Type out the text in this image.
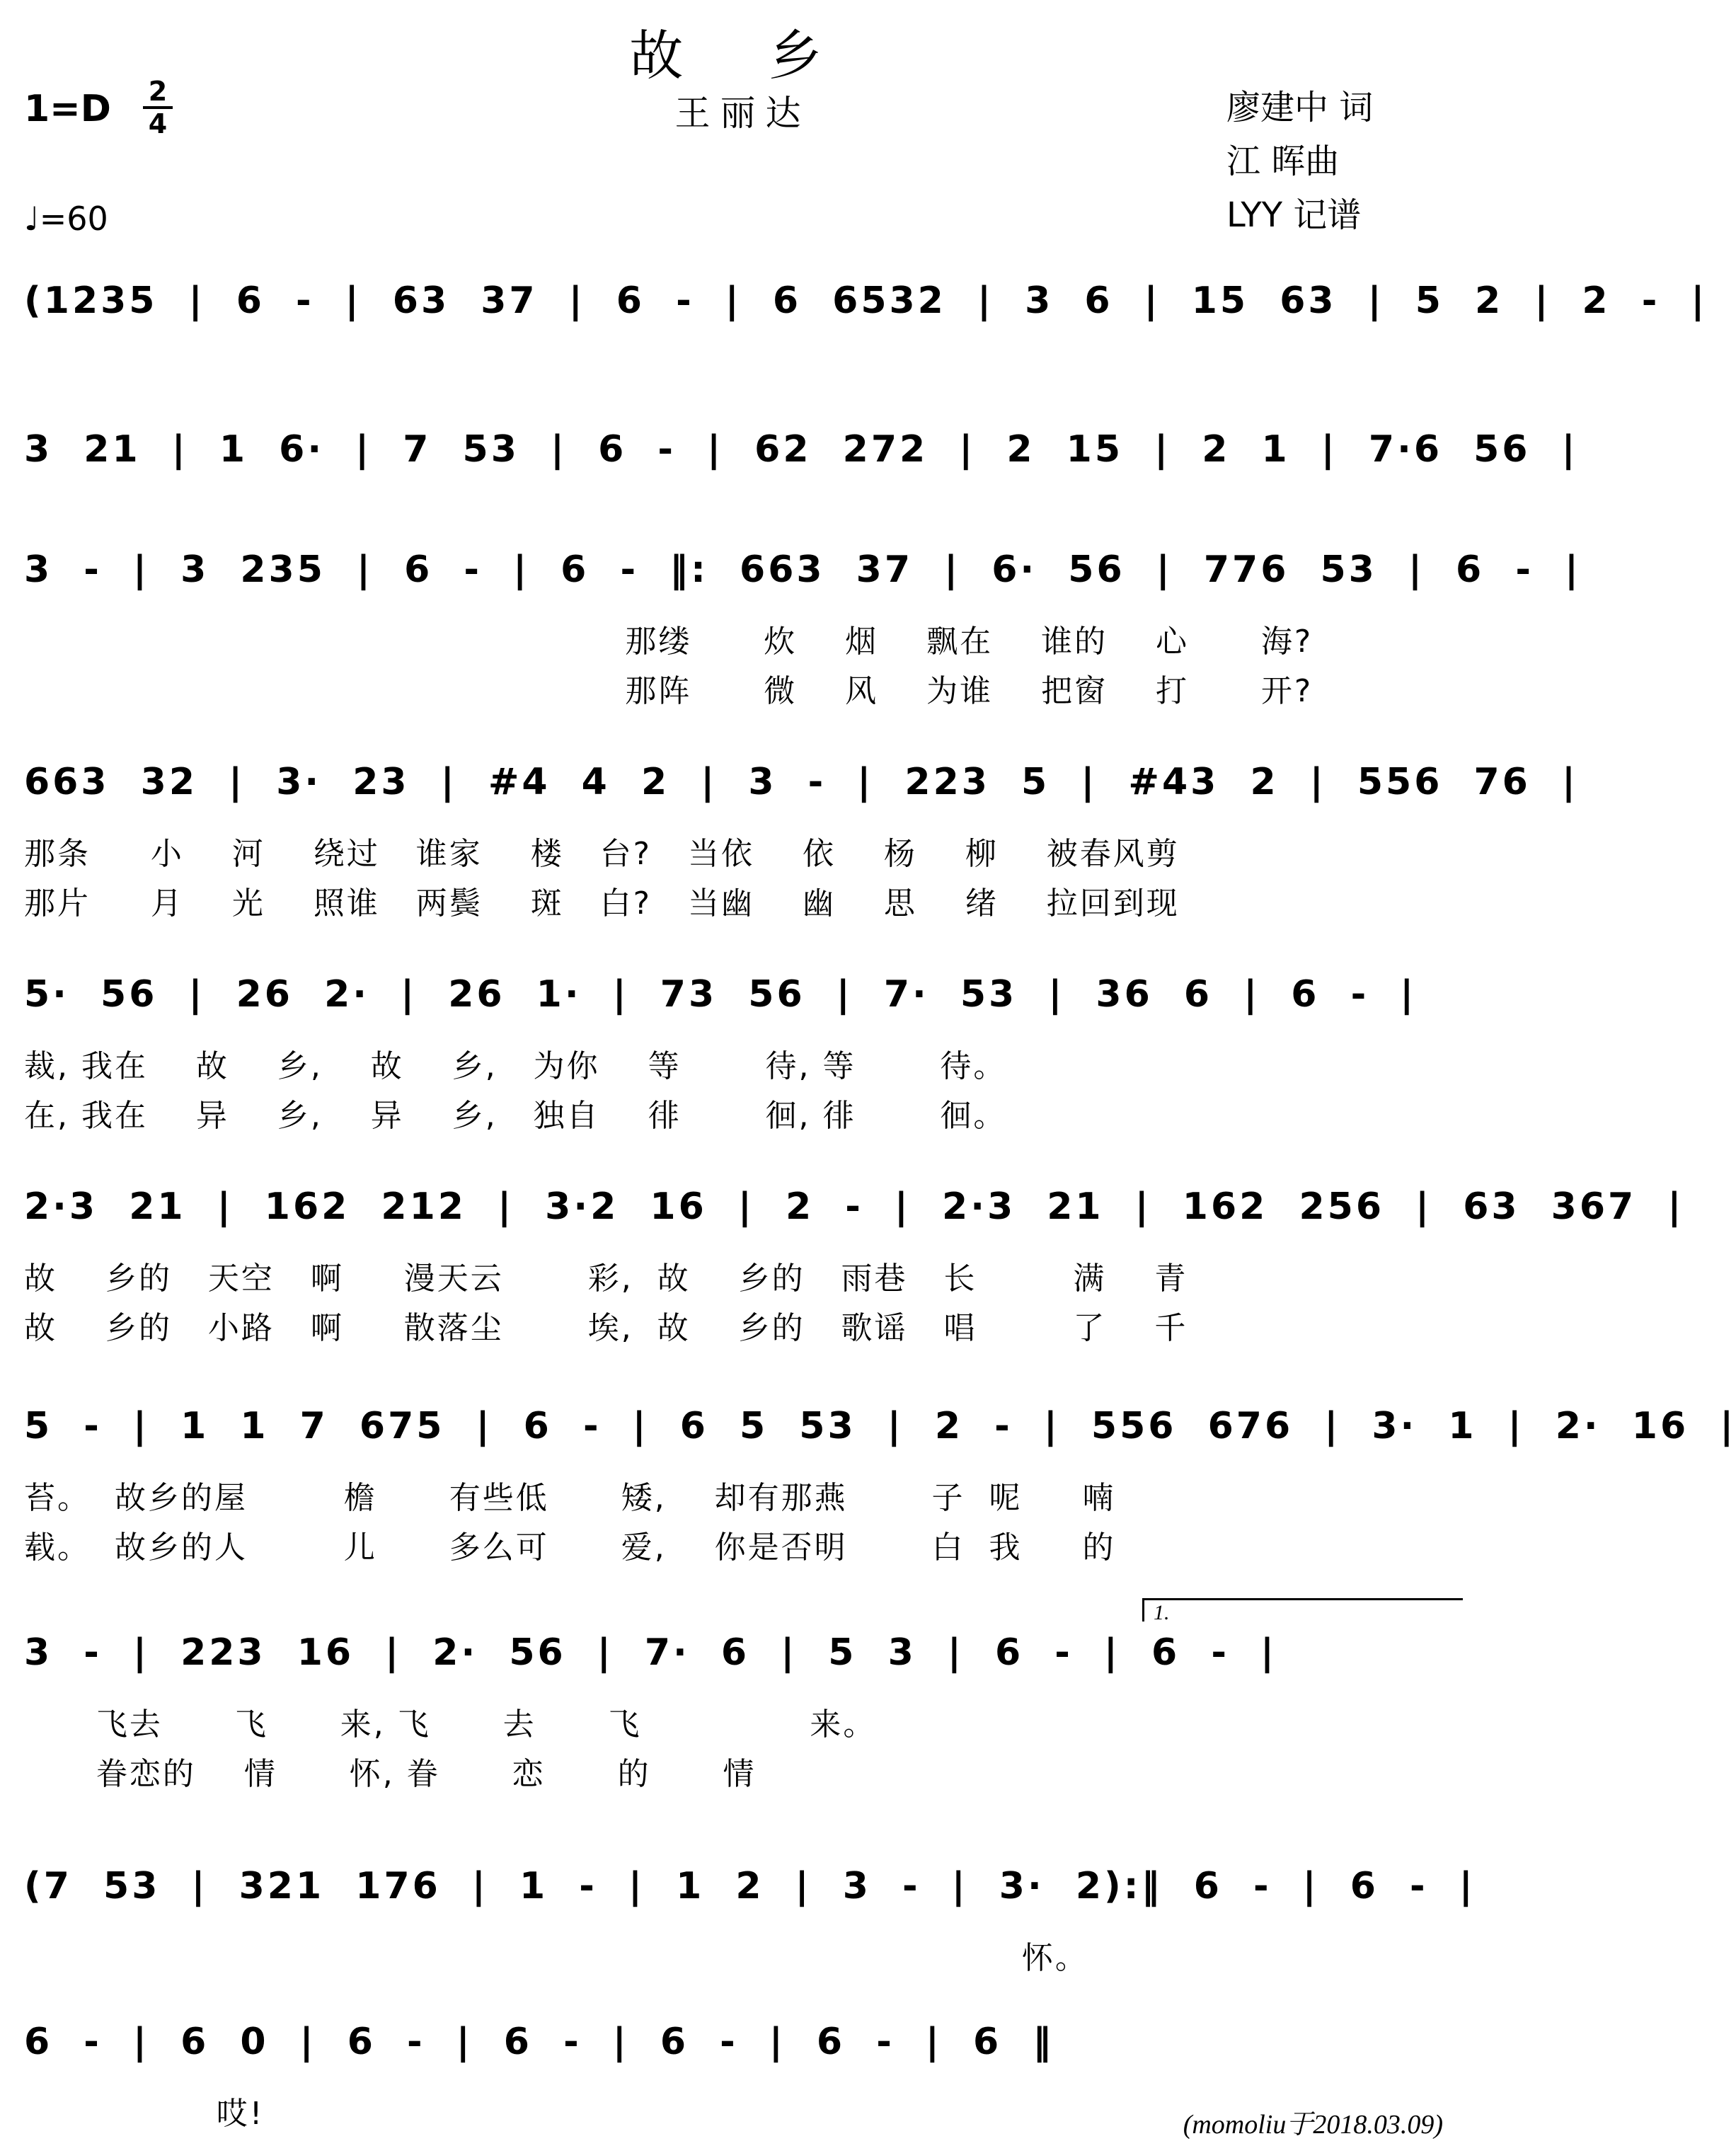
故 乡
王丽达
1=D 2
4
♩=60
廖建中 词
江 晖曲
LYY 记谱
(1235 | 6 - | 63 37 | 6 - | 6 6532 | 3 6 | 15 63 | 5 2 | 2 - |
3 21 | 1 6· | 7 53 | 6 - | 62 272 | 2 15 | 2 1 | 7·6 56 |
3 - | 3 235 | 6 - | 6 - ‖: 663 37 | 6· 56 | 776 53 | 6 - |
那缕      炊    烟    飘在    谁的    心      海?
那阵      微    风    为谁    把窗    打      开?
663 32 | 3· 23 | #4 4 2 | 3 - | 223 5 | #43 2 | 556 76 |
那条     小    河    绕过   谁家    楼   台?   当依    依    杨    柳    被春风剪
那片     月    光    照谁   两鬓    斑   白?   当幽    幽    思    绪    拉回到现
5· 56 | 26 2· | 26 1· | 73 56 | 7· 53 | 36 6 | 6 - |
裁, 我在    故    乡,    故    乡,   为你    等       待, 等       待。
在, 我在    异    乡,    异    乡,   独自    徘       徊, 徘       徊。
2·3 21 | 162 212 | 3·2 16 | 2 - | 2·3 21 | 162 256 | 63 367 |
故    乡的   天空   啊     漫天云       彩,  故    乡的   雨巷   长        满    青
故    乡的   小路   啊     散落尘       埃,  故    乡的   歌谣   唱        了    千
5 - | 1 1 7 675 | 6 - | 6 5 53 | 2 - | 556 676 | 3· 1 | 2· 16 |
苔。  故乡的屋        檐      有些低      矮,    却有那燕       子  呢     喃
载。  故乡的人        儿      多么可      爱,    你是否明       白  我     的
1.
3 - | 223 16 | 2· 56 | 7· 6 | 5 3 | 6 - | 6 - |
飞去      飞      来, 飞      去      飞              来。
眷恋的    情      怀, 眷      恋      的      情
(7 53 | 321 176 | 1 - | 1 2 | 3 - | 3· 2):‖ 6 - | 6 - |
怀。
6 - | 6 0 | 6 - | 6 - | 6 - | 6 - | 6 ‖
哎!	(momoliu于2018.03.09)
